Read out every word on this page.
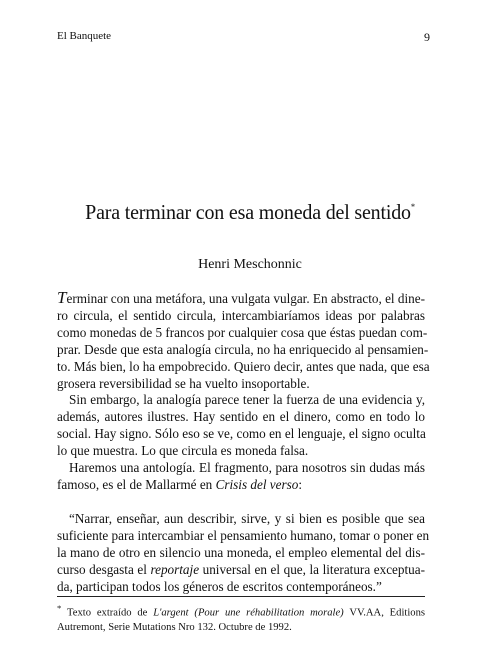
El Banquete	9
Para terminar con esa moneda del sentido*
Henri Meschonnic
Terminar con una metáfora, una vulgata vulgar. En abstracto, el dine-
ro circula, el sentido circula, intercambiaríamos ideas por palabras
como monedas de 5 francos por cualquier cosa que éstas puedan com-
prar. Desde que esta analogía circula, no ha enriquecido al pensamien-
to. Más bien, lo ha empobrecido. Quiero decir, antes que nada, que esa
grosera reversibilidad se ha vuelto insoportable.
Sin embargo, la analogía parece tener la fuerza de una evidencia y,
además, autores ilustres. Hay sentido en el dinero, como en todo lo
social. Hay signo. Sólo eso se ve, como en el lenguaje, el signo oculta
lo que muestra. Lo que circula es moneda falsa.
Haremos una antología. El fragmento, para nosotros sin dudas más
famoso, es el de Mallarmé en Crisis del verso:
“Narrar, enseñar, aun describir, sirve, y si bien es posible que sea
suficiente para intercambiar el pensamiento humano, tomar o poner en
la mano de otro en silencio una moneda, el empleo elemental del dis-
curso desgasta el reportaje universal en el que, la literatura exceptua-
da, participan todos los géneros de escritos contemporáneos.”
* Texto extraído de L'argent (Pour une réhabilitation morale) VV.AA, Editions
Autremont, Serie Mutations Nro 132. Octubre de 1992.
